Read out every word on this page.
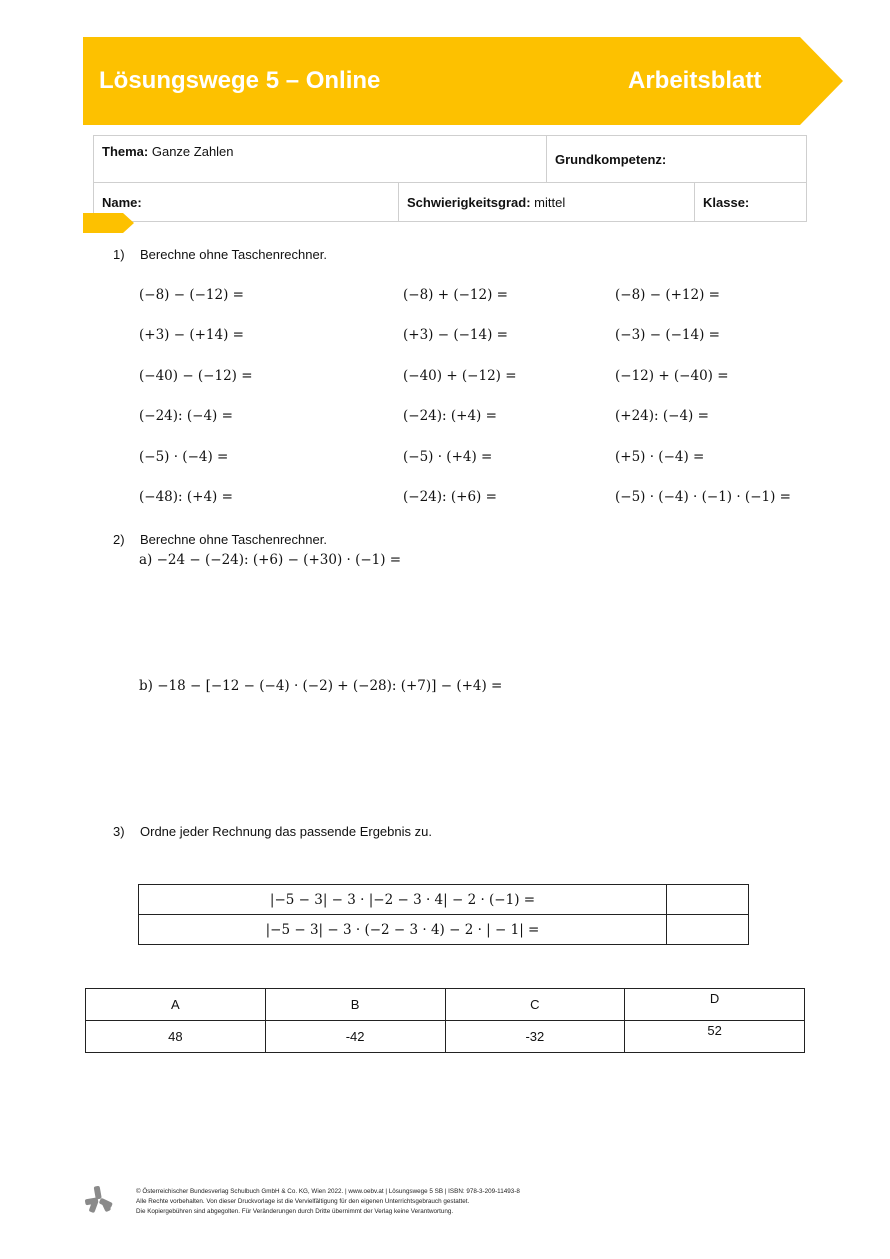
Lösungswege 5 – Online	Arbeitsblatt
Thema: Ganze Zahlen		Grundkompetenz:	
Name:	Schwierigkeitsgrad: mittel		Klasse:
1) Berechne ohne Taschenrechner.
(−8) − (−12) =	(−8) + (−12) =	(−8) − (+12) =
(+3) − (+14) =	(+3) − (−14) =	(−3) − (−14) =
(−40) − (−12) =	(−40) + (−12) =	(−12) + (−40) =
(−24): (−4) =	(−24): (+4) =	(+24): (−4) =
(−5) · (−4) =	(−5) · (+4) =	(+5) · (−4) =
(−48): (+4) =	(−24): (+6) =	(−5) · (−4) · (−1) · (−1) =
2) Berechne ohne Taschenrechner.
a) −24 − (−24): (+6) − (+30) · (−1) =
b) −18 − [−12 − (−4) · (−2) + (−28): (+7)] − (+4) =
3) Ordne jeder Rechnung das passende Ergebnis zu.
|−5 − 3| − 3 · |−2 − 3 · 4| − 2 · (−1) =	
|−5 − 3| − 3 · (−2 − 3 · 4) − 2 · | − 1| =	
A	B	C	D
48	-42	-32	52
© Österreichischer Bundesverlag Schulbuch GmbH & Co. KG, Wien 2022. | www.oebv.at | Lösungswege 5 SB | ISBN: 978-3-209-11493-8
Alle Rechte vorbehalten. Von dieser Druckvorlage ist die Vervielfältigung für den eigenen Unterrichtsgebrauch gestattet.
Die Kopiergebühren sind abgegolten. Für Veränderungen durch Dritte übernimmt der Verlag keine Verantwortung.
